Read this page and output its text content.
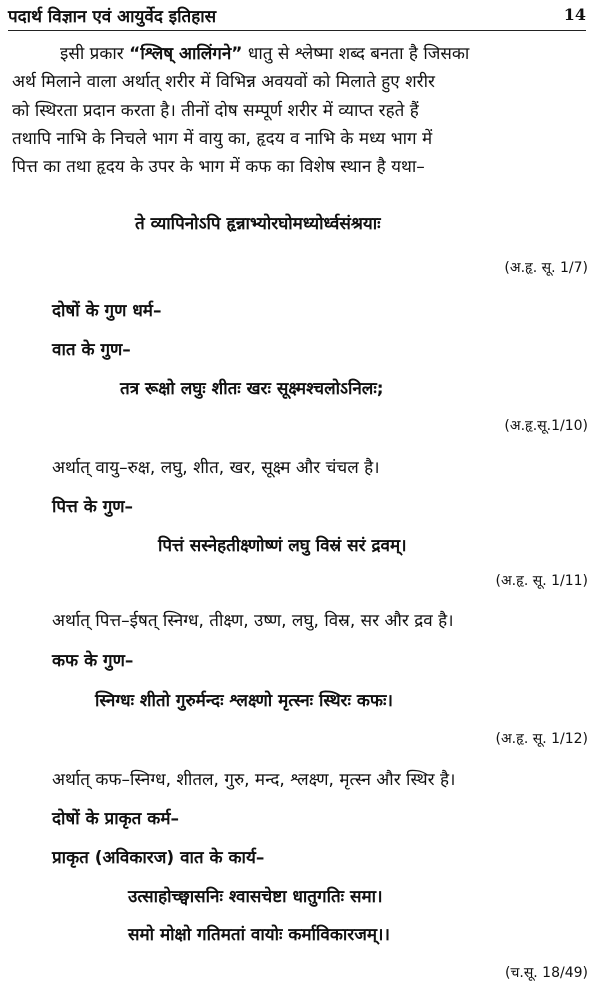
पदार्थ विज्ञान एवं आयुर्वेद इतिहास	14
इसी प्रकार “श्लिष् आलिंगने” धातु से श्लेष्मा शब्द बनता है जिसका
अर्थ मिलाने वाला अर्थात् शरीर में विभिन्न अवयवों को मिलाते हुए शरीर
को स्थिरता प्रदान करता है। तीनों दोष सम्पूर्ण शरीर में व्याप्त रहते हैं
तथापि नाभि के निचले भाग में वायु का, हृदय व नाभि के मध्य भाग में
पित्त का तथा हृदय के उपर के भाग में कफ का विशेष स्थान है यथा–
ते व्यापिनोऽपि हृन्नाभ्योरघोमध्योर्ध्वसंश्रयाः
(अ.हृ. सू. 1/7)
दोषों के गुण धर्म–
वात के गुण–
तत्र रूक्षो लघुः शीतः खरः सूक्ष्मश्चलोऽनिलः;
(अ.हृ.सू.1/10)
अर्थात् वायु–रुक्ष, लघु, शीत, खर, सूक्ष्म और चंचल है।
पित्त के गुण–
पित्तं सस्नेहतीक्ष्णोष्णं लघु विस्रं सरं द्रवम्।
(अ.हृ. सू. 1/11)
अर्थात् पित्त–ईषत् स्निग्ध, तीक्ष्ण, उष्ण, लघु, विस्र, सर और द्रव है।
कफ के गुण–
स्निग्धः शीतो गुरुर्मन्दः श्लक्ष्णो मृत्स्नः स्थिरः कफः।
(अ.हृ. सू. 1/12)
अर्थात् कफ–स्निग्ध, शीतल, गुरु, मन्द, श्लक्ष्ण, मृत्स्न और स्थिर है।
दोषों के प्राकृत कर्म–
प्राकृत (अविकारज) वात के कार्य–
उत्साहोच्छ्वासनिः श्वासचेष्टा धातुगतिः समा।
समो मोक्षो गतिमतां वायोः कर्माविकारजम्।।
(च.सू. 18/49)
